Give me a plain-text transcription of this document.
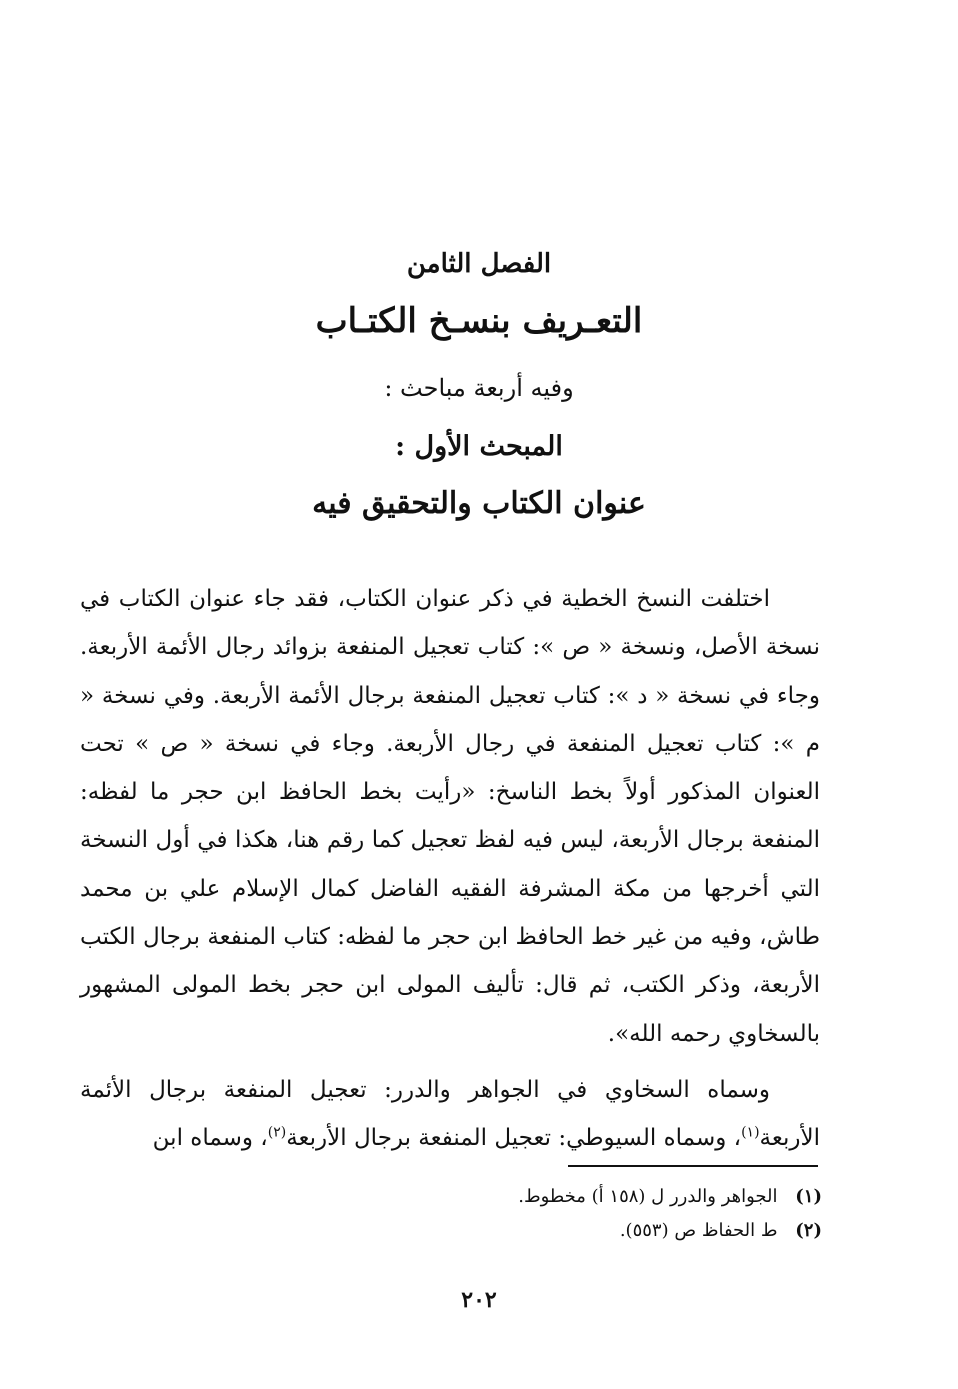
الفصل الثامن
التعـريف بنسـخ الكتـاب
وفيه أربعة مباحث :
المبحث الأول :
عنوان الكتاب والتحقيق فيه

اختلفت النسخ الخطية في ذكر عنوان الكتاب، فقد جاء عنوان الكتاب في نسخة الأصل، ونسخة « ص »: كتاب تعجيل المنفعة بزوائد رجال الأئمة الأربعة. وجاء في نسخة « د »: كتاب تعجيل المنفعة برجال الأئمة الأربعة. وفي نسخة « م »: كتاب تعجيل المنفعة في رجال الأربعة. وجاء في نسخة « ص » تحت العنوان المذكور أولاً بخط الناسخ: «رأيت بخط الحافظ ابن حجر ما لفظه: المنفعة برجال الأربعة، ليس فيه لفظ تعجيل كما رقم هنا، هكذا في أول النسخة التي أخرجها من مكة المشرفة الفقيه الفاضل كمال الإسلام علي بن محمد طاش، وفيه من غير خط الحافظ ابن حجر ما لفظه: كتاب المنفعة برجال الكتب الأربعة، وذكر الكتب، ثم قال: تأليف المولى ابن حجر بخط المولى المشهور بالسخاوي رحمه الله».

وسماه السخاوي في الجواهر والدرر: تعجيل المنفعة برجال الأئمة الأربعة$^{(١)}$، وسماه السيوطي: تعجيل المنفعة برجال الأربعة$^{(٢)}$، وسماه ابن

(١) الجواهر والدرر ل (١٥٨ أ) مخطوط.
(٢) ط الحفاظ ص (٥٥٣).
٢٠٢
